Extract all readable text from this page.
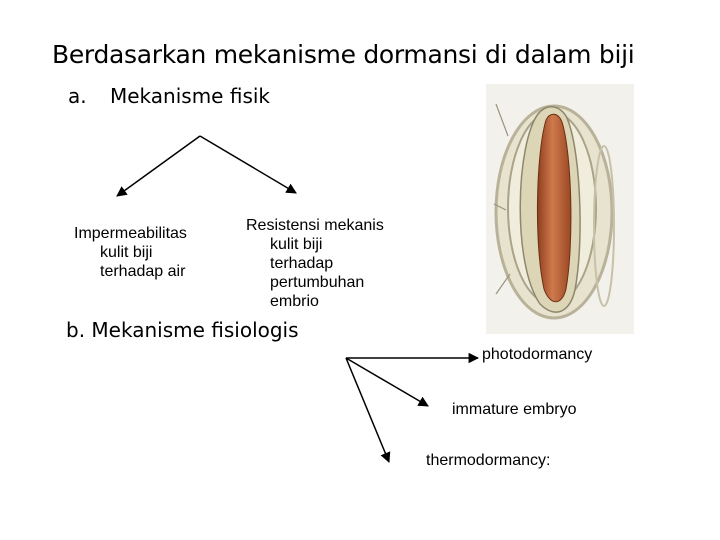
Berdasarkan mekanisme dormansi di dalam biji
a. Mekanisme fisik
Impermeabilitas
kulit biji
terhadap air
Resistensi mekanis
kulit biji
terhadap
pertumbuhan
embrio
b. Mekanisme fisiologis
photodormancy
immature embryo
thermodormancy:
